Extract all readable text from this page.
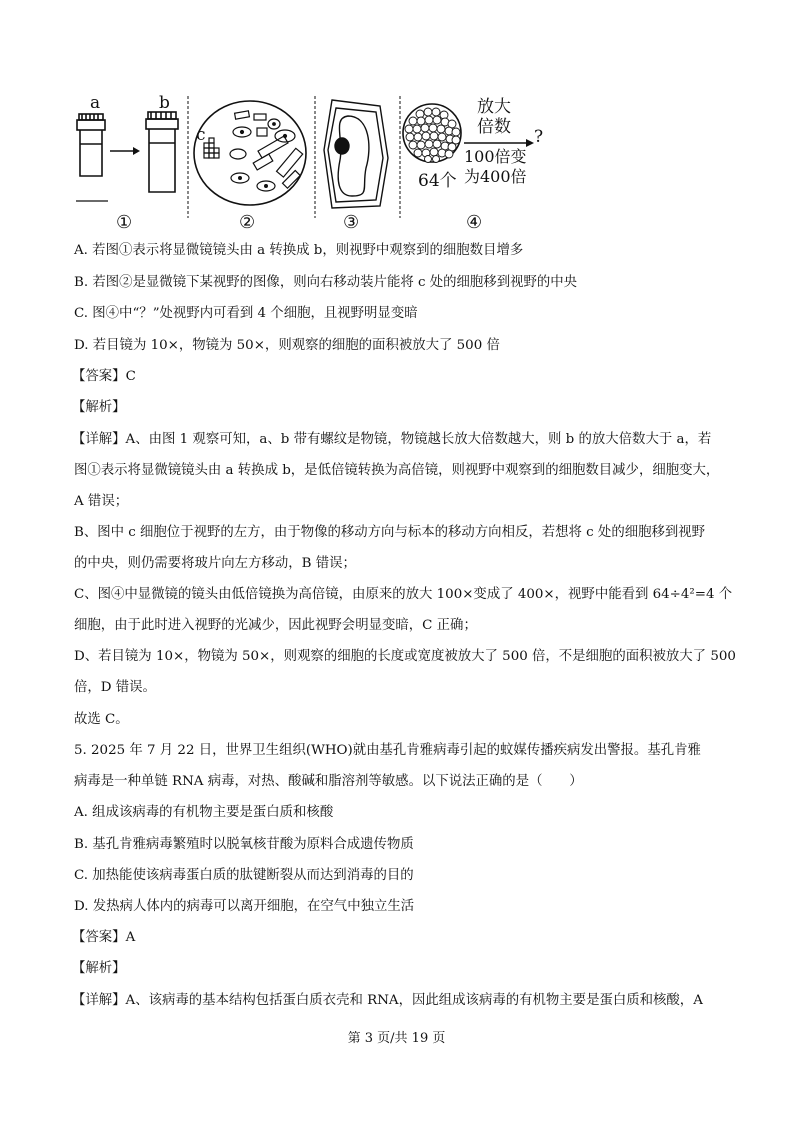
a	b
①
c
②	③
64个
放大
倍数 ?
100倍变
为400倍
④
A. 若图①表示将显微镜镜头由 a 转换成 b，则视野中观察到的细胞数目增多
B. 若图②是显微镜下某视野的图像，则向右移动装片能将 c 处的细胞移到视野的中央
C. 图④中“？”处视野内可看到 4 个细胞，且视野明显变暗
D. 若目镜为 10×，物镜为 50×，则观察的细胞的面积被放大了 500 倍
【答案】C
【解析】
【详解】A、由图 1 观察可知，a、b 带有螺纹是物镜，物镜越长放大倍数越大，则 b 的放大倍数大于 a，若
图①表示将显微镜镜头由 a 转换成 b，是低倍镜转换为高倍镜，则视野中观察到的细胞数目减少，细胞变大，
A 错误；
B、图中 c 细胞位于视野的左方，由于物像的移动方向与标本的移动方向相反，若想将 c 处的细胞移到视野
的中央，则仍需要将玻片向左方移动，B 错误；
C、图④中显微镜的镜头由低倍镜换为高倍镜，由原来的放大 100×变成了 400×，视野中能看到 64÷4²=4 个
细胞，由于此时进入视野的光减少，因此视野会明显变暗，C 正确；
D、若目镜为 10×，物镜为 50×，则观察的细胞的长度或宽度被放大了 500 倍，不是细胞的面积被放大了 500
倍，D 错误。
故选 C。
5. 2025 年 7 月 22 日，世界卫生组织(WHO)就由基孔肯雅病毒引起的蚊媒传播疾病发出警报。基孔肯雅
病毒是一种单链 RNA 病毒，对热、酸碱和脂溶剂等敏感。以下说法正确的是（　　）
A. 组成该病毒的有机物主要是蛋白质和核酸
B. 基孔肯雅病毒繁殖时以脱氧核苷酸为原料合成遗传物质
C. 加热能使该病毒蛋白质的肽键断裂从而达到消毒的目的
D. 发热病人体内的病毒可以离开细胞，在空气中独立生活
【答案】A
【解析】
【详解】A、该病毒的基本结构包括蛋白质衣壳和 RNA，因此组成该病毒的有机物主要是蛋白质和核酸，A
第 3 页/共 19 页
